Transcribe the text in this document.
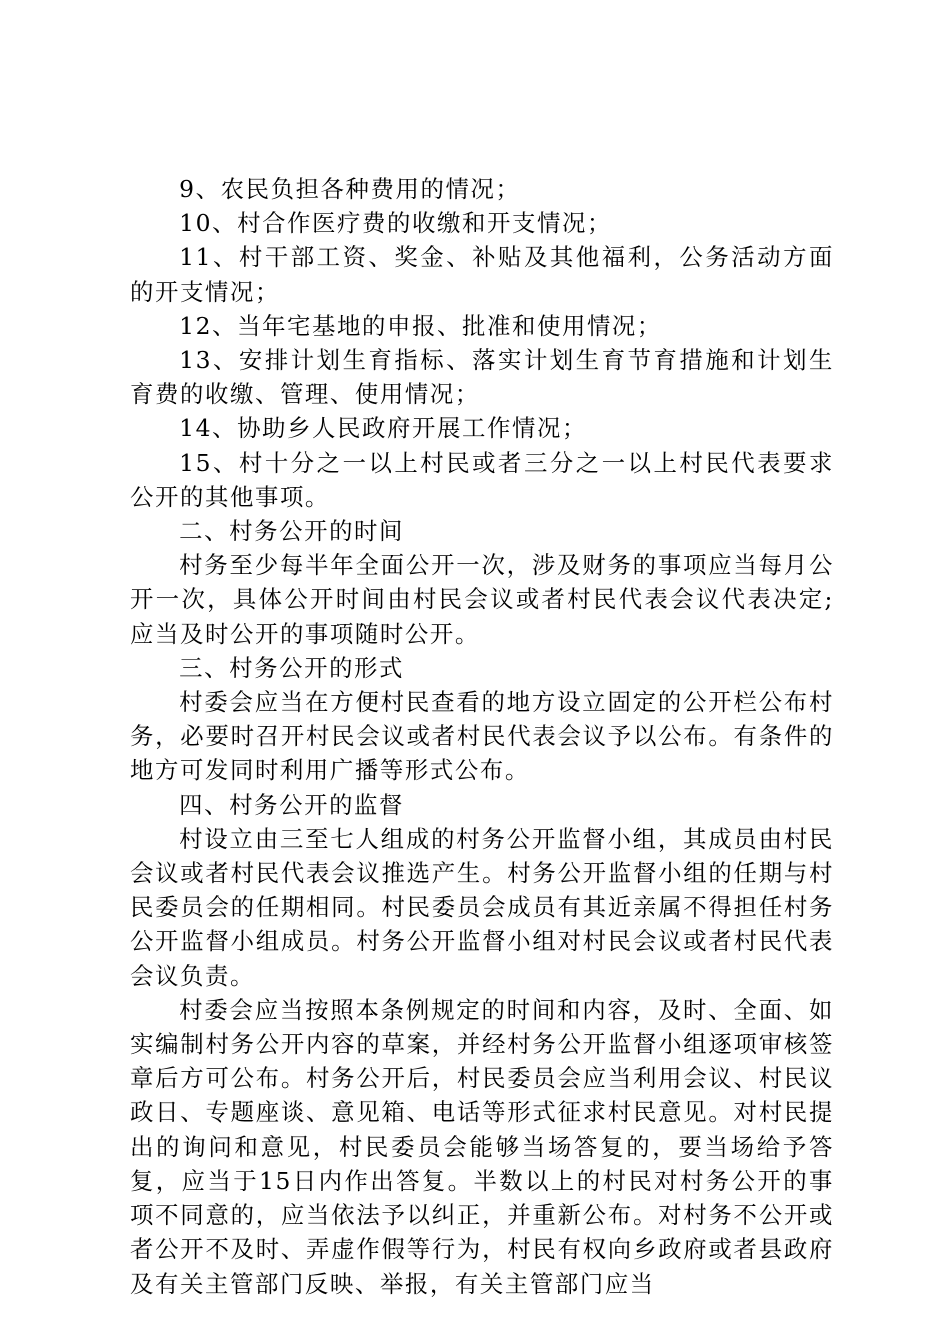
9、农民负担各种费用的情况；

10、村合作医疗费的收缴和开支情况；

11、村干部工资、奖金、补贴及其他福利，公务活动方面的开支情况；

12、当年宅基地的申报、批准和使用情况；

13、安排计划生育指标、落实计划生育节育措施和计划生育费的收缴、管理、使用情况；

14、协助乡人民政府开展工作情况；

15、村十分之一以上村民或者三分之一以上村民代表要求公开的其他事项。

二、村务公开的时间

村务至少每半年全面公开一次，涉及财务的事项应当每月公开一次，具体公开时间由村民会议或者村民代表会议代表决定;应当及时公开的事项随时公开。

三、村务公开的形式

村委会应当在方便村民查看的地方设立固定的公开栏公布村务，必要时召开村民会议或者村民代表会议予以公布。有条件的地方可发同时利用广播等形式公布。

四、村务公开的监督

村设立由三至七人组成的村务公开监督小组，其成员由村民会议或者村民代表会议推选产生。村务公开监督小组的任期与村民委员会的任期相同。村民委员会成员有其近亲属不得担任村务公开监督小组成员。村务公开监督小组对村民会议或者村民代表会议负责。

村委会应当按照本条例规定的时间和内容，及时、全面、如实编制村务公开内容的草案，并经村务公开监督小组逐项审核签章后方可公布。村务公开后，村民委员会应当利用会议、村民议政日、专题座谈、意见箱、电话等形式征求村民意见。对村民提出的询问和意见，村民委员会能够当场答复的，要当场给予答复，应当于15日内作出答复。半数以上的村民对村务公开的事项不同意的，应当依法予以纠正，并重新公布。对村务不公开或者公开不及时、弄虚作假等行为，村民有权向乡政府或者县政府及有关主管部门反映、举报，有关主管部门应当
